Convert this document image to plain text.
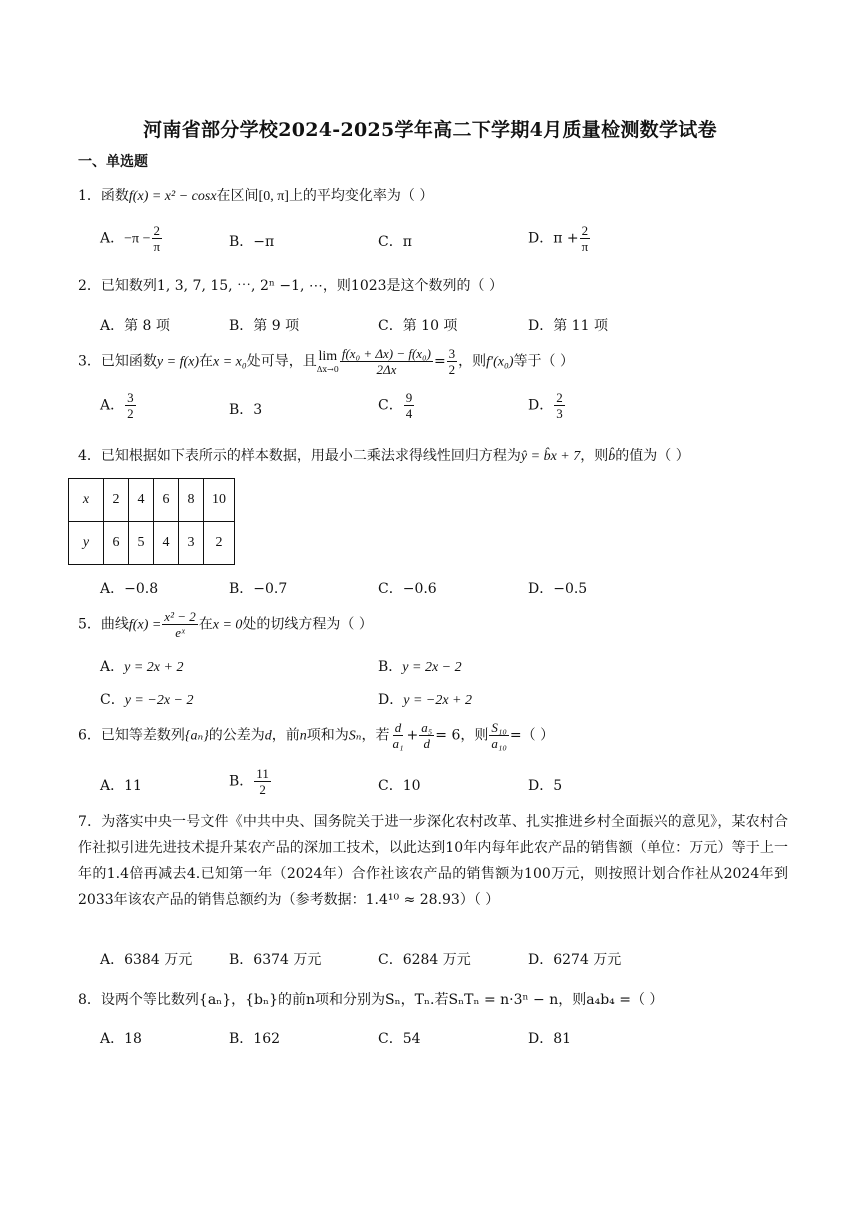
河南省部分学校2024-2025学年高二下学期4月质量检测数学试卷
一、单选题
1．函数f(x) = x² − cosx在区间[0, π]上的平均变化率为（ ）
A．$-\pi - \frac{2}{\pi}$	B．−π	C．π	D．$\pi + \frac{2}{\pi}$
2．已知数列1, 3, 7, 15, ⋯, 2ⁿ −1, ⋯，则1023是这个数列的（ ）
A．第 8 项	B．第 9 项	C．第 10 项	D．第 11 项
3．已知函数y = f(x)在x = x₀处可导，且 lim
$\Delta x\to 0 \frac{\text{f(x₀ + Δx) − f(x₀)}}{2\Delta x} = \frac{3}{2}$ ，则f′(x₀)等于（ ）
A． $\frac{3}{2}$	B．3	C． $\frac{9}{4}$	D． $\frac{2}{3}$
4．已知根据如下表所示的样本数据，用最小二乘法求得线性回归方程为ŷ = b̂x + 7，则b̂的值为（ ）
x	2	4	6	8	10
y	6	5	4	3	2
A．−0.8	B．−0.7	C．−0.6	D．−0.5
5．曲线$f(x) = \frac{\text{x² − 2}}{\text{eˣ}}$ 在x = 0处的切线方程为（ ）
A．y = 2x + 2	B．y = 2x − 2
C．y = −2x − 2	D．y = −2x + 2
6．已知等差数列{aₙ}的公差为d，前n项和为Sₙ，若 $\frac{d}{\text{a₁}} + \frac{\text{a₅}}{d} = 6$，则 $\frac{\text{S₁₀}}{\text{a₁₀}}$ =（ ）
A．11	B． $\frac{11}{2}$	C．10	D．5
7．为落实中央一号文件《中共中央、国务院关于进一步深化农村改革、扎实推进乡村全面振兴的意见》，某农村合作社拟引进先进技术提升某农产品的深加工技术，以此达到10年内每年此农产品的销售额（单位：万元）等于上一年的1.4倍再减去4.已知第一年（2024年）合作社该农产品的销售额为100万元，则按照计划合作社从2024年到2033年该农产品的销售总额约为（参考数据：1.4¹⁰ ≈ 28.93）（ ）
A．6384 万元	B．6374 万元	C．6284 万元	D．6274 万元
8．设两个等比数列{aₙ}，{bₙ}的前n项和分别为Sₙ，Tₙ.若SₙTₙ = n·3ⁿ − n，则a₄b₄ =（ ）
A．18	B．162	C．54	D．81
